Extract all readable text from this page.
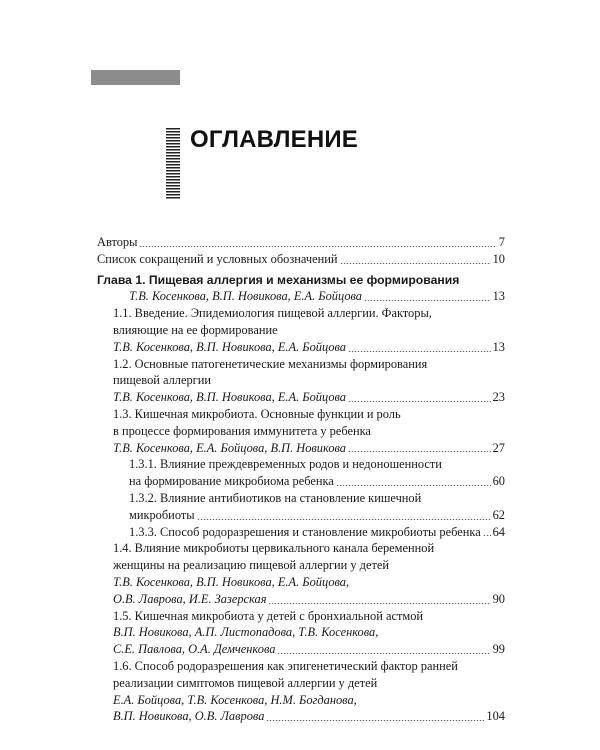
ОГЛАВЛЕНИЕ
Авторы	7
Список сокращений и условных обозначений	10
Глава 1. Пищевая аллергия и механизмы ее формирования
Т.В. Косенкова, В.П. Новикова, Е.А. Бойцова	13
1.1. Введение. Эпидемиология пищевой аллергии. Факторы,
влияющие на ее формирование
Т.В. Косенкова, В.П. Новикова, Е.А. Бойцова	13
1.2. Основные патогенетические механизмы формирования
пищевой аллергии
Т.В. Косенкова, В.П. Новикова, Е.А. Бойцова	23
1.3. Кишечная микробиота. Основные функции и роль
в процессе формирования иммунитета у ребенка
Т.В. Косенкова, Е.А. Бойцова, В.П. Новикова	27
1.3.1. Влияние преждевременных родов и недоношенности
на формирование микробиома ребенка	60
1.3.2. Влияние антибиотиков на становление кишечной
микробиоты	62
1.3.3. Способ родоразрешения и становление микробиоты ребенка 64
1.4. Влияние микробиоты цервикального канала беременной
женщины на реализацию пищевой аллергии у детей
Т.В. Косенкова, В.П. Новикова, Е.А. Бойцова,
О.В. Лаврова, И.Е. Зазерская	90
1.5. Кишечная микробиота у детей с бронхиальной астмой
В.П. Новикова, А.П. Листопадова, Т.В. Косенкова,
С.Е. Павлова, О.А. Демченкова	99
1.6. Способ родоразрешения как эпигенетический фактор ранней
реализации симптомов пищевой аллергии у детей
Е.А. Бойцова, Т.В. Косенкова, Н.М. Богданова,
В.П. Новикова, О.В. Лаврова	104
